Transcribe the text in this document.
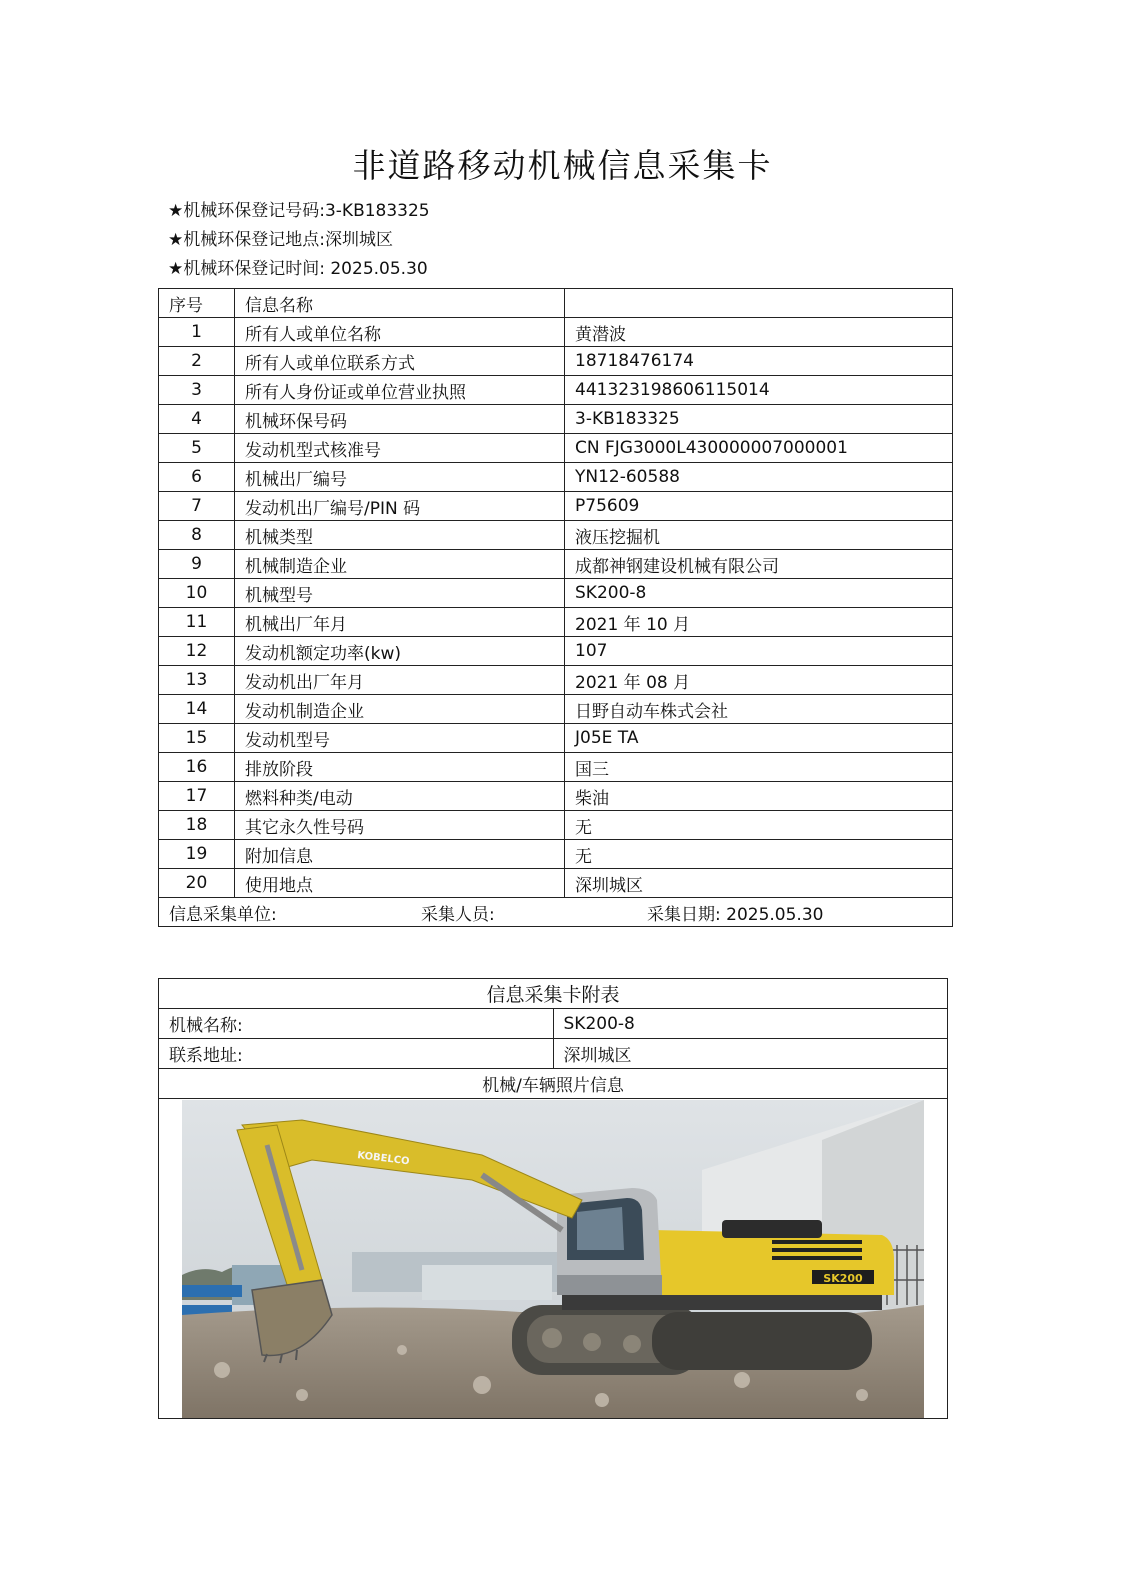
非道路移动机械信息采集卡
★机械环保登记号码:3-KB183325
★机械环保登记地点:深圳城区
★机械环保登记时间: 2025.05.30
序号	信息名称	
1	所有人或单位名称	黄潜波
2	所有人或单位联系方式	18718476174
3	所有人身份证或单位营业执照	441323198606115014
4	机械环保号码	3-KB183325
5	发动机型式核准号	CN FJG3000L430000007000001
6	机械出厂编号	YN12-60588
7	发动机出厂编号/PIN 码	P75609
8	机械类型	液压挖掘机
9	机械制造企业	成都神钢建设机械有限公司
10	机械型号	SK200-8
11	机械出厂年月	2021 年 10 月
12	发动机额定功率(kw)	107
13	发动机出厂年月	2021 年 08 月
14	发动机制造企业	日野自动车株式会社
15	发动机型号	J05E TA
16	排放阶段	国三
17	燃料种类/电动	柴油
18	其它永久性号码	无
19	附加信息	无
20	使用地点	深圳城区
信息采集单位: 采集人员: 采集日期: 2025.05.30		
信息采集卡附表	
机械名称:	SK200-8
联系地址:	深圳城区
机械/车辆照片信息	

SK200
KOBELCO	
